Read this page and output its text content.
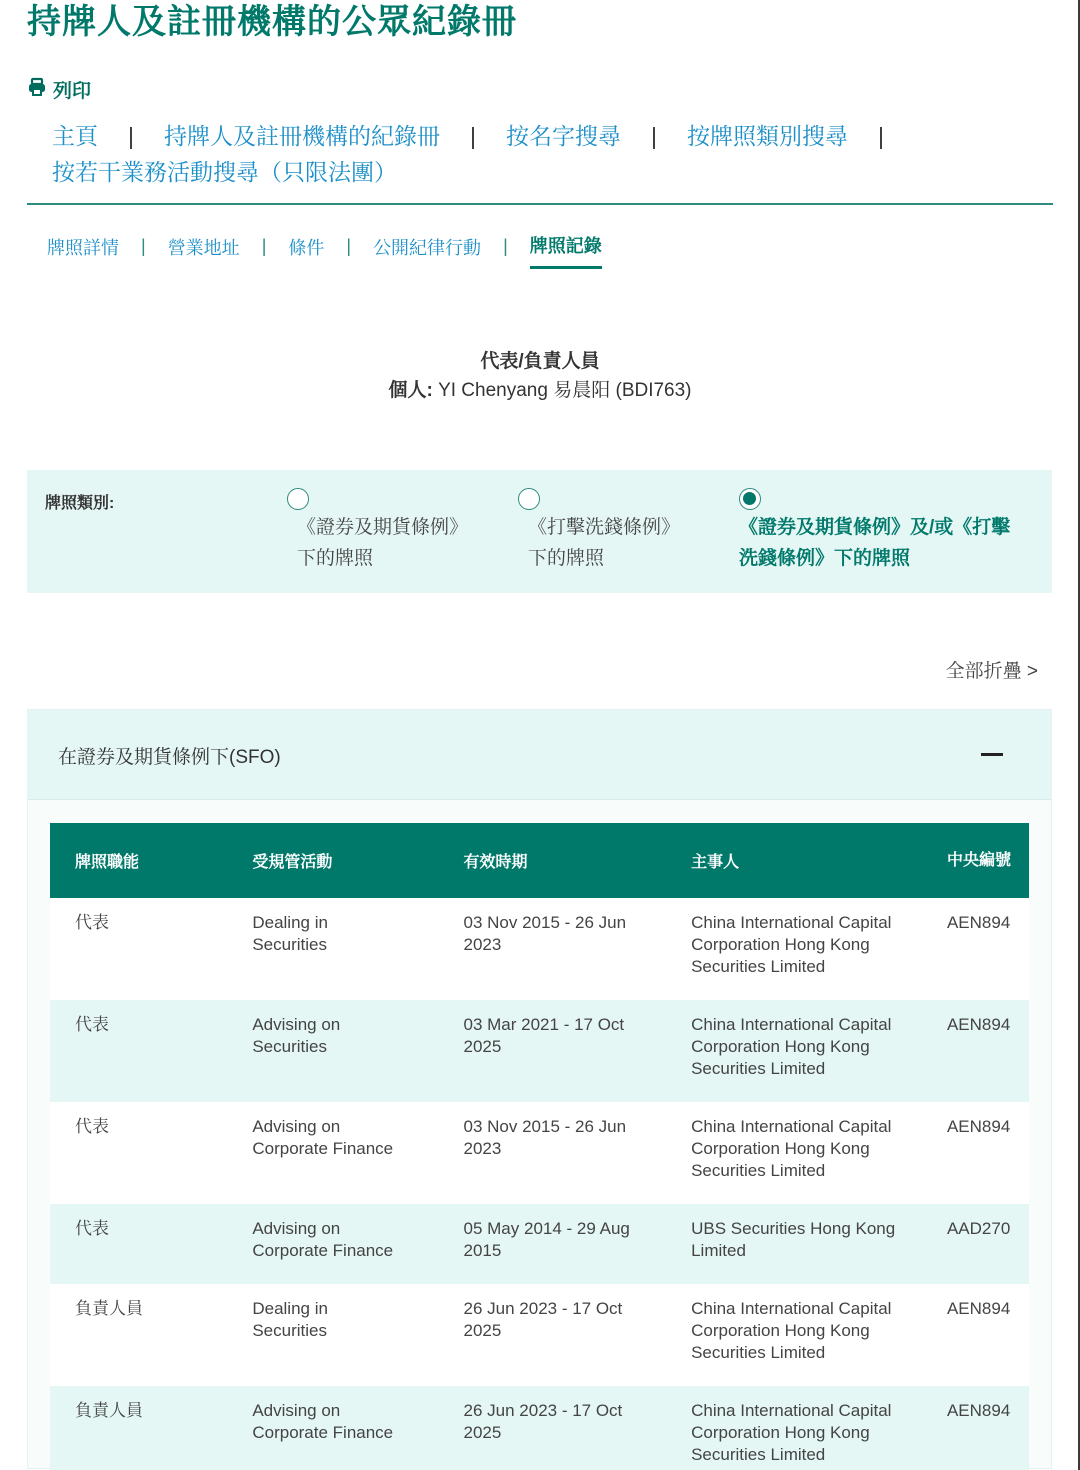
持牌人及註冊機構的公眾紀錄冊
列印
主頁 | 持牌人及註冊機構的紀錄冊 | 按名字搜尋 | 按牌照類別搜尋 |
按若干業務活動搜尋（只限法團）
牌照詳情 | 營業地址 | 條件 | 公開紀律行動 | 牌照記錄
代表/負責人員
個人: YI Chenyang 易晨阳 (BDI763)
牌照類別:
《證券及期貨條例》
下的牌照
《打擊洗錢條例》
下的牌照
《證券及期貨條例》及/或《打擊
洗錢條例》下的牌照
全部折疊 >
在證券及期貨條例下(SFO)
牌照職能	受規管活動	有效時期	主事人	中央編號
代表	Dealing in Securities	03 Nov 2015 - 26 Jun 2023	China International Capital Corporation Hong Kong Securities Limited	AEN894
代表	Advising on Securities	03 Mar 2021 - 17 Oct 2025	China International Capital Corporation Hong Kong Securities Limited	AEN894
代表	Advising on Corporate Finance	03 Nov 2015 - 26 Jun 2023	China International Capital Corporation Hong Kong Securities Limited	AEN894
代表	Advising on Corporate Finance	05 May 2014 - 29 Aug 2015	UBS Securities Hong Kong Limited	AAD270
負責人員	Dealing in Securities	26 Jun 2023 - 17 Oct 2025	China International Capital Corporation Hong Kong Securities Limited	AEN894
負責人員	Advising on Corporate Finance	26 Jun 2023 - 17 Oct 2025	China International Capital Corporation Hong Kong Securities Limited	AEN894
